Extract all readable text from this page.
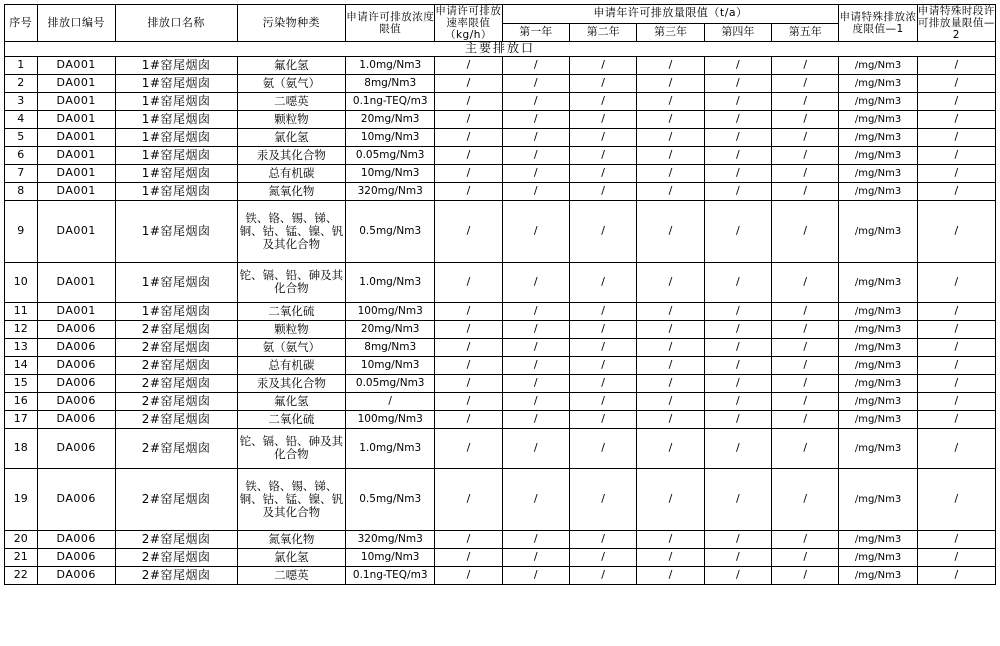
序号	排放口编号	排放口名称	污染物种类	申请许可排放浓度限值	申请许可排放速率限值（kg/h）	申请年许可排放量限值（t/a）					申请特殊排放浓度限值—1	申请特殊时段许可排放量限值—2
						第一年	第二年	第三年	第四年	第五年		
主要排放口												
1	DA001	1#窑尾烟囱	氟化氢	1.0mg/Nm3	/	/	/	/	/	/	/mg/Nm3	/
2	DA001	1#窑尾烟囱	氨（氨气）	8mg/Nm3	/	/	/	/	/	/	/mg/Nm3	/
3	DA001	1#窑尾烟囱	二噁英	0.1ng-TEQ/m3	/	/	/	/	/	/	/mg/Nm3	/
4	DA001	1#窑尾烟囱	颗粒物	20mg/Nm3	/	/	/	/	/	/	/mg/Nm3	/
5	DA001	1#窑尾烟囱	氯化氢	10mg/Nm3	/	/	/	/	/	/	/mg/Nm3	/
6	DA001	1#窑尾烟囱	汞及其化合物	0.05mg/Nm3	/	/	/	/	/	/	/mg/Nm3	/
7	DA001	1#窑尾烟囱	总有机碳	10mg/Nm3	/	/	/	/	/	/	/mg/Nm3	/
8	DA001	1#窑尾烟囱	氮氧化物	320mg/Nm3	/	/	/	/	/	/	/mg/Nm3	/
9	DA001	1#窑尾烟囱	铁、铬、锡、锑、铜、钴、锰、镍、钒及其化合物	0.5mg/Nm3	/	/	/	/	/	/	/mg/Nm3	/
10	DA001	1#窑尾烟囱	铊、镉、铅、砷及其化合物	1.0mg/Nm3	/	/	/	/	/	/	/mg/Nm3	/
11	DA001	1#窑尾烟囱	二氧化硫	100mg/Nm3	/	/	/	/	/	/	/mg/Nm3	/
12	DA006	2#窑尾烟囱	颗粒物	20mg/Nm3	/	/	/	/	/	/	/mg/Nm3	/
13	DA006	2#窑尾烟囱	氨（氨气）	8mg/Nm3	/	/	/	/	/	/	/mg/Nm3	/
14	DA006	2#窑尾烟囱	总有机碳	10mg/Nm3	/	/	/	/	/	/	/mg/Nm3	/
15	DA006	2#窑尾烟囱	汞及其化合物	0.05mg/Nm3	/	/	/	/	/	/	/mg/Nm3	/
16	DA006	2#窑尾烟囱	氟化氢	/	/	/	/	/	/	/	/mg/Nm3	/
17	DA006	2#窑尾烟囱	二氧化硫	100mg/Nm3	/	/	/	/	/	/	/mg/Nm3	/
18	DA006	2#窑尾烟囱	铊、镉、铅、砷及其化合物	1.0mg/Nm3	/	/	/	/	/	/	/mg/Nm3	/
19	DA006	2#窑尾烟囱	铁、铬、锡、锑、铜、钴、锰、镍、钒及其化合物	0.5mg/Nm3	/	/	/	/	/	/	/mg/Nm3	/
20	DA006	2#窑尾烟囱	氮氧化物	320mg/Nm3	/	/	/	/	/	/	/mg/Nm3	/
21	DA006	2#窑尾烟囱	氯化氢	10mg/Nm3	/	/	/	/	/	/	/mg/Nm3	/
22	DA006	2#窑尾烟囱	二噁英	0.1ng-TEQ/m3	/	/	/	/	/	/	/mg/Nm3	/
